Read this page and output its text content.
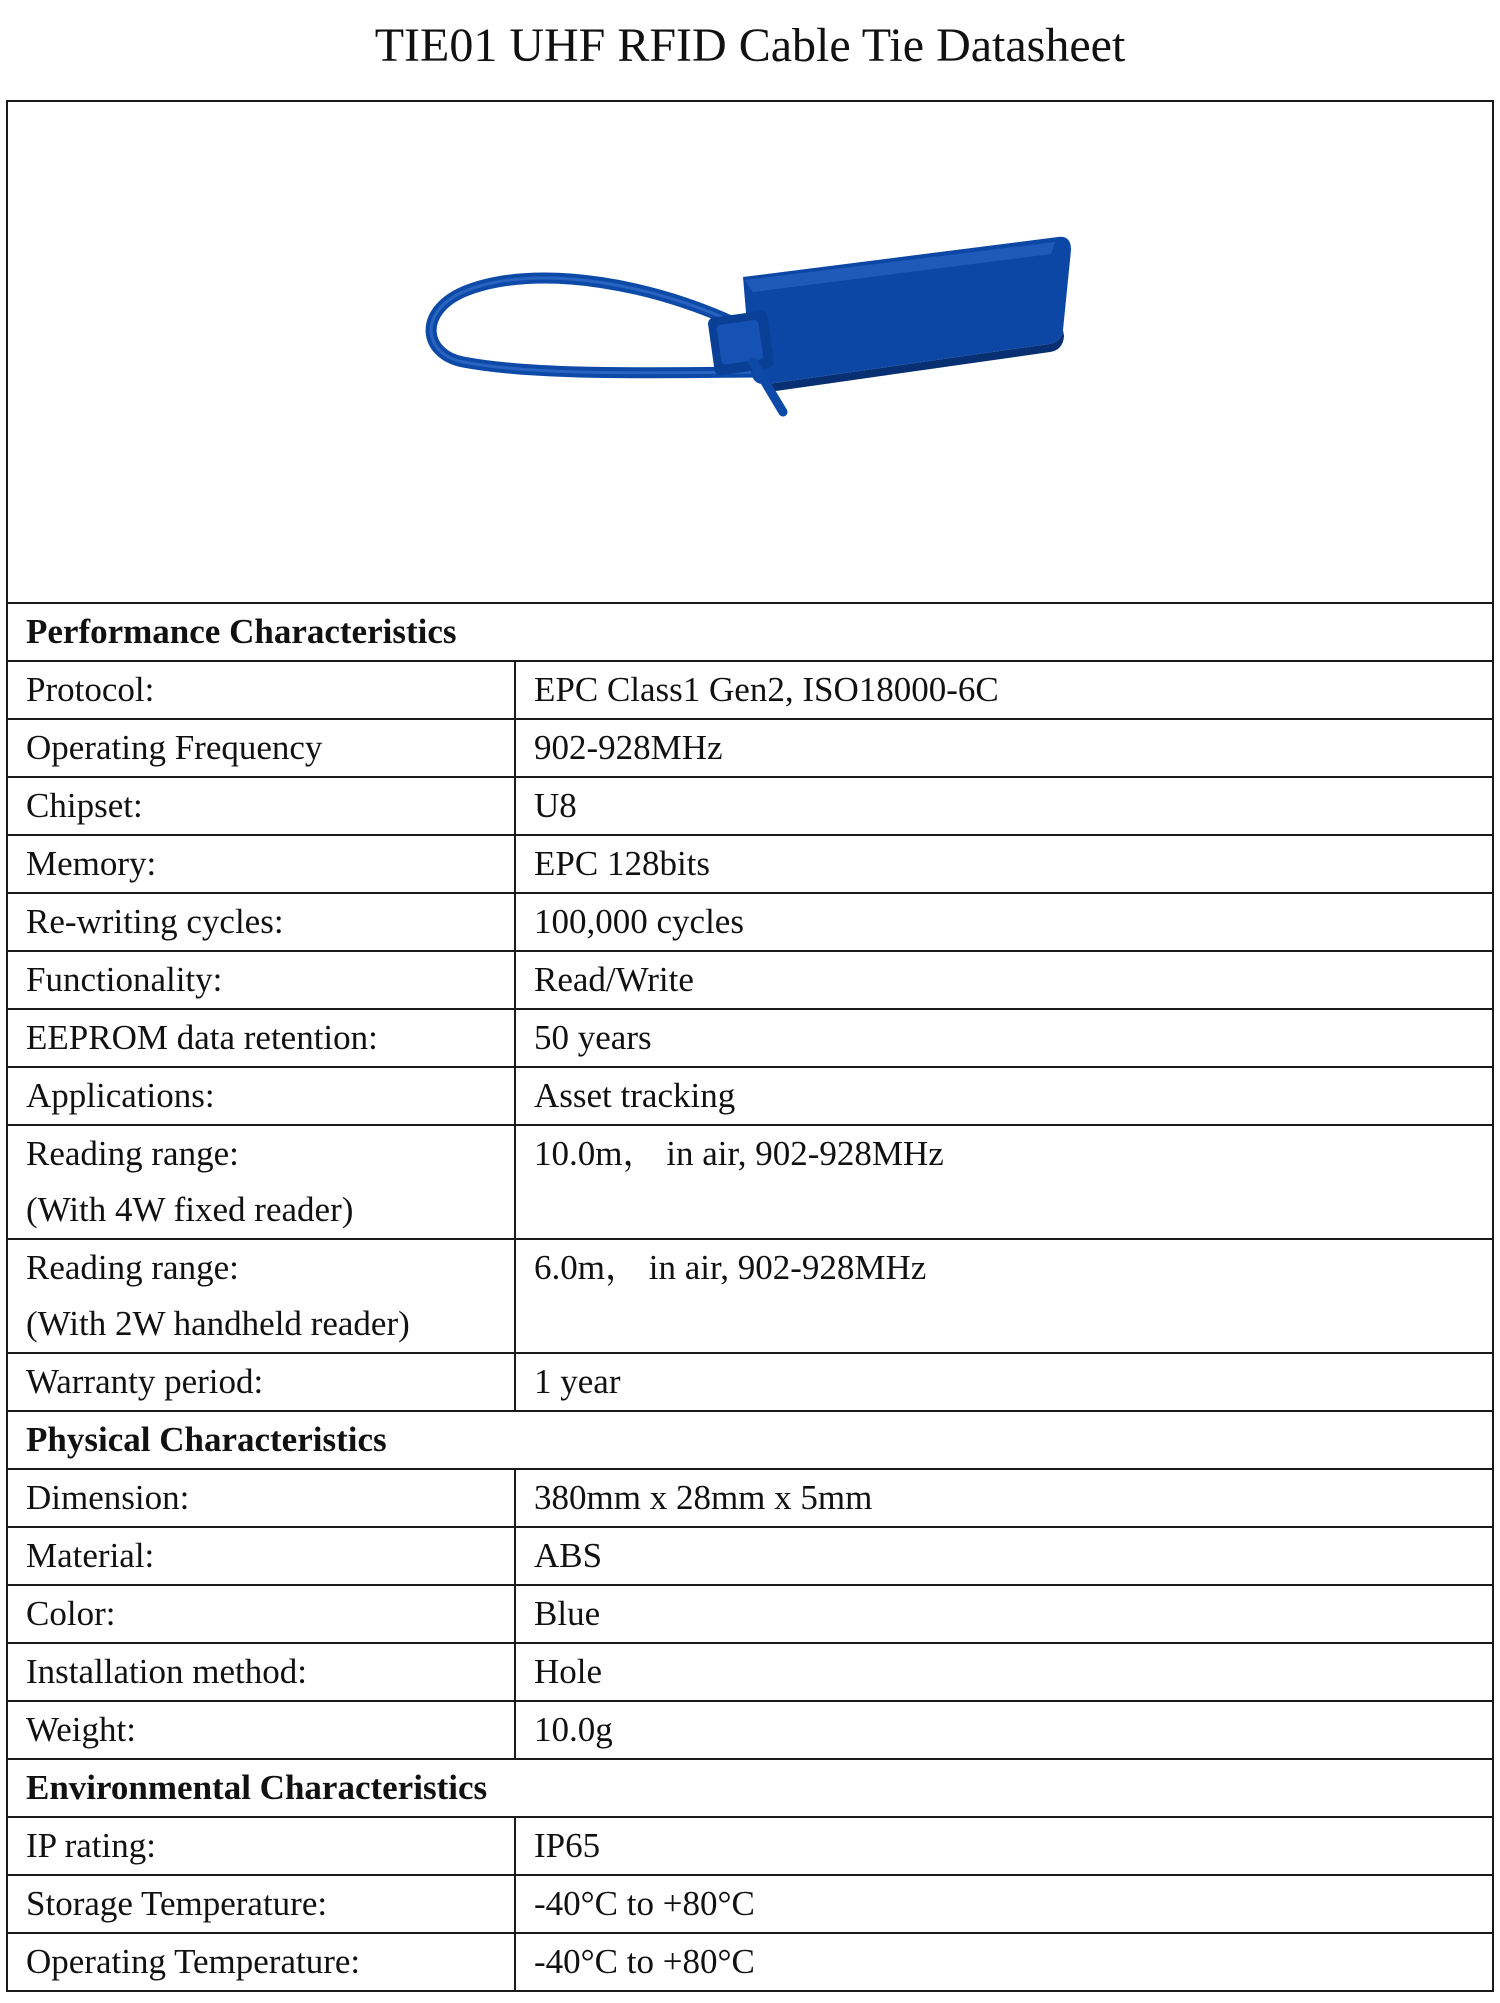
TIE01 UHF RFID Cable Tie Datasheet

Performance Characteristics	

Protocol:	EPC Class1 Gen2, ISO18000-6C

Operating Frequency	902-928MHz

Chipset:	U8

Memory:	EPC 128bits

Re-writing cycles:	100,000 cycles

Functionality:	Read/Write

EEPROM data retention:	50 years

Applications:	Asset tracking

Reading range:
(With 4W fixed reader)	10.0m， in air, 902-928MHz

Reading range:
(With 2W handheld reader)	6.0m， in air, 902-928MHz

Warranty period:	1 year
Physical Characteristics	

Dimension:	380mm x 28mm x 5mm

Material:	ABS

Color:	Blue

Installation method:	Hole

Weight:	10.0g
Environmental Characteristics	

IP rating:	IP65

Storage Temperature:	-40°C to +80°C

Operating Temperature:	-40°C to +80°C
